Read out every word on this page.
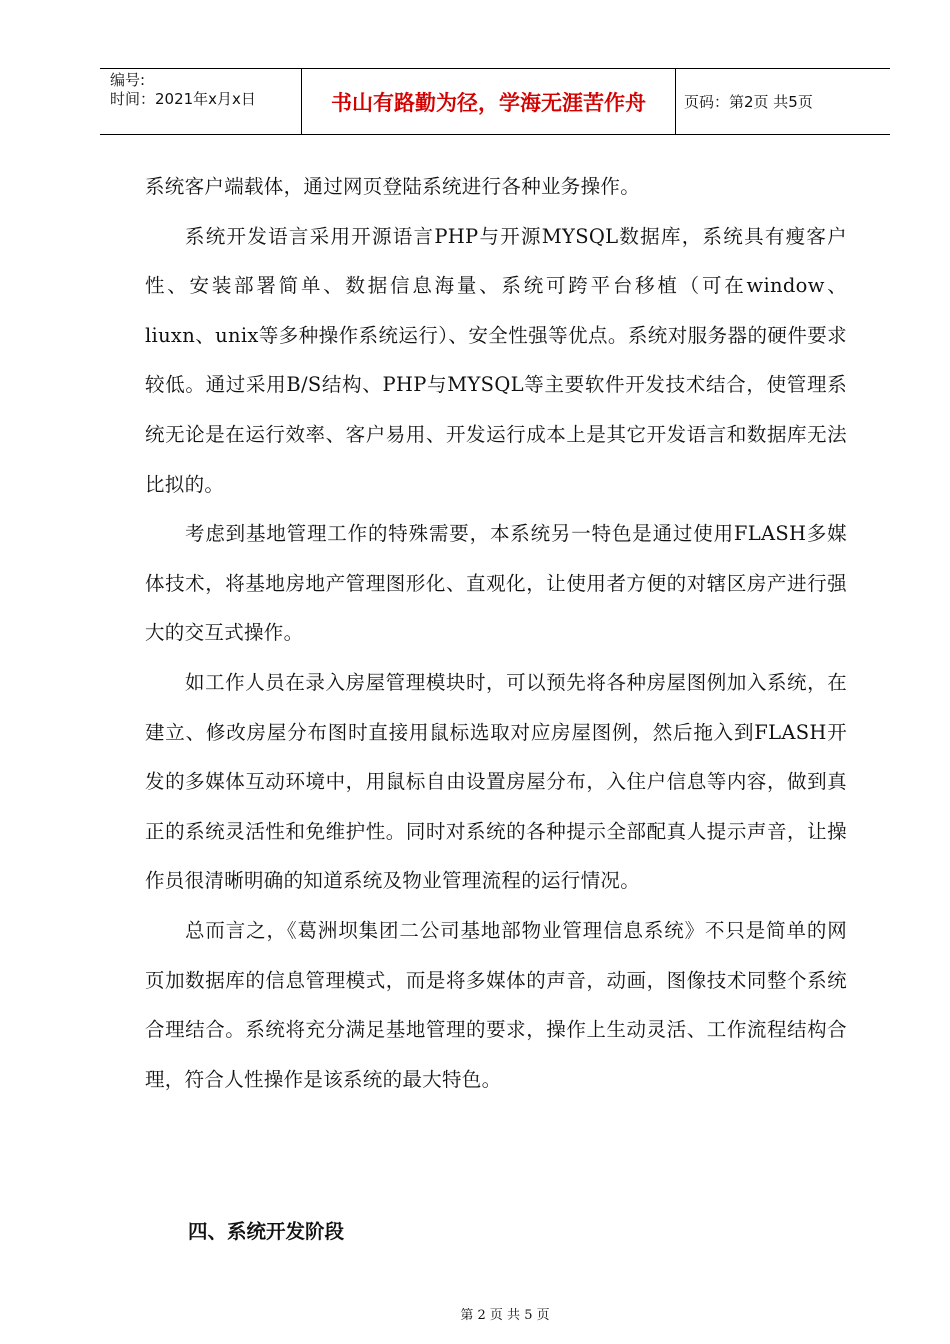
编号:
时间：2021年x月x日	书山有路勤为径，学海无涯苦作舟	页码：第2页 共5页

系统客户端载体，通过网页登陆系统进行各种业务操作。

系统开发语言采用开源语言PHP与开源MYSQL数据库，系统具有瘦客户性、安装部署简单、数据信息海量、系统可跨平台移植（可在window、liuxn、unix等多种操作系统运行）、安全性强等优点。系统对服务器的硬件要求较低。通过采用B/S结构、PHP与MYSQL等主要软件开发技术结合，使管理系统无论是在运行效率、客户易用、开发运行成本上是其它开发语言和数据库无法比拟的。

考虑到基地管理工作的特殊需要，本系统另一特色是通过使用FLASH多媒体技术，将基地房地产管理图形化、直观化，让使用者方便的对辖区房产进行强大的交互式操作。

如工作人员在录入房屋管理模块时，可以预先将各种房屋图例加入系统，在建立、修改房屋分布图时直接用鼠标选取对应房屋图例，然后拖入到FLASH开发的多媒体互动环境中，用鼠标自由设置房屋分布，入住户信息等内容，做到真正的系统灵活性和免维护性。同时对系统的各种提示全部配真人提示声音，让操作员很清晰明确的知道系统及物业管理流程的运行情况。

总而言之，《葛洲坝集团二公司基地部物业管理信息系统》不只是简单的网页加数据库的信息管理模式，而是将多媒体的声音，动画，图像技术同整个系统合理结合。系统将充分满足基地管理的要求，操作上生动灵活、工作流程结构合理，符合人性操作是该系统的最大特色。

四、系统开发阶段
第 2 页 共 5 页
